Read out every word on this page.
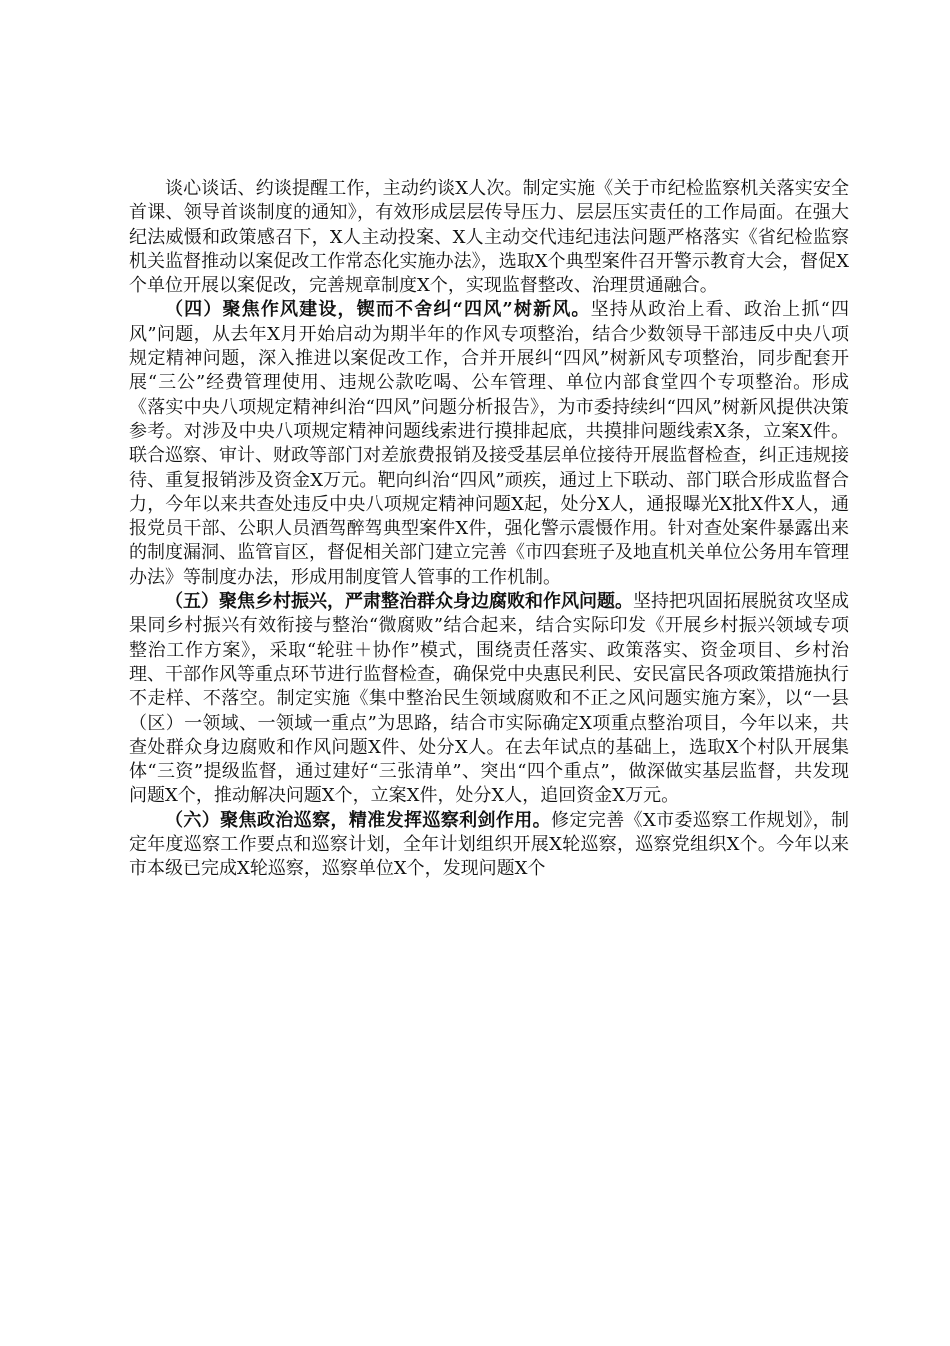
谈心谈话、约谈提醒工作，主动约谈X人次。制定实施《关于市纪检监察机关落实安全首课、领导首谈制度的通知》，有效形成层层传导压力、层层压实责任的工作局面。在强大纪法威慑和政策感召下，X人主动投案、X人主动交代违纪违法问题严格落实《省纪检监察机关监督推动以案促改工作常态化实施办法》，选取X个典型案件召开警示教育大会，督促X个单位开展以案促改，完善规章制度X个，实现监督整改、治理贯通融合。

（四）聚焦作风建设，锲而不舍纠“四风”树新风。坚持从政治上看、政治上抓“四风”问题，从去年X月开始启动为期半年的作风专项整治，结合少数领导干部违反中央八项规定精神问题，深入推进以案促改工作，合并开展纠“四风”树新风专项整治，同步配套开展“三公”经费管理使用、违规公款吃喝、公车管理、单位内部食堂四个专项整治。形成《落实中央八项规定精神纠治“四风”问题分析报告》，为市委持续纠“四风”树新风提供决策参考。对涉及中央八项规定精神问题线索进行摸排起底，共摸排问题线索X条，立案X件。联合巡察、审计、财政等部门对差旅费报销及接受基层单位接待开展监督检查，纠正违规接待、重复报销涉及资金X万元。靶向纠治“四风”顽疾，通过上下联动、部门联合形成监督合力，今年以来共查处违反中央八项规定精神问题X起，处分X人，通报曝光X批X件X人，通报党员干部、公职人员酒驾醉驾典型案件X件，强化警示震慑作用。针对查处案件暴露出来的制度漏洞、监管盲区，督促相关部门建立完善《市四套班子及地直机关单位公务用车管理办法》等制度办法，形成用制度管人管事的工作机制。

（五）聚焦乡村振兴，严肃整治群众身边腐败和作风问题。坚持把巩固拓展脱贫攻坚成果同乡村振兴有效衔接与整治“微腐败”结合起来，结合实际印发《开展乡村振兴领域专项整治工作方案》，采取“轮驻＋协作”模式，围绕责任落实、政策落实、资金项目、乡村治理、干部作风等重点环节进行监督检查，确保党中央惠民利民、安民富民各项政策措施执行不走样、不落空。制定实施《集中整治民生领域腐败和不正之风问题实施方案》，以“一县（区）一领域、一领域一重点”为思路，结合市实际确定X项重点整治项目，今年以来，共查处群众身边腐败和作风问题X件、处分X人。在去年试点的基础上，选取X个村队开展集体“三资”提级监督，通过建好“三张清单”、突出“四个重点”，做深做实基层监督，共发现问题X个，推动解决问题X个，立案X件，处分X人，追回资金X万元。

（六）聚焦政治巡察，精准发挥巡察利剑作用。修定完善《X市委巡察工作规划》，制定年度巡察工作要点和巡察计划，全年计划组织开展X轮巡察，巡察党组织X个。今年以来市本级已完成X轮巡察，巡察单位X个，发现问题X个
